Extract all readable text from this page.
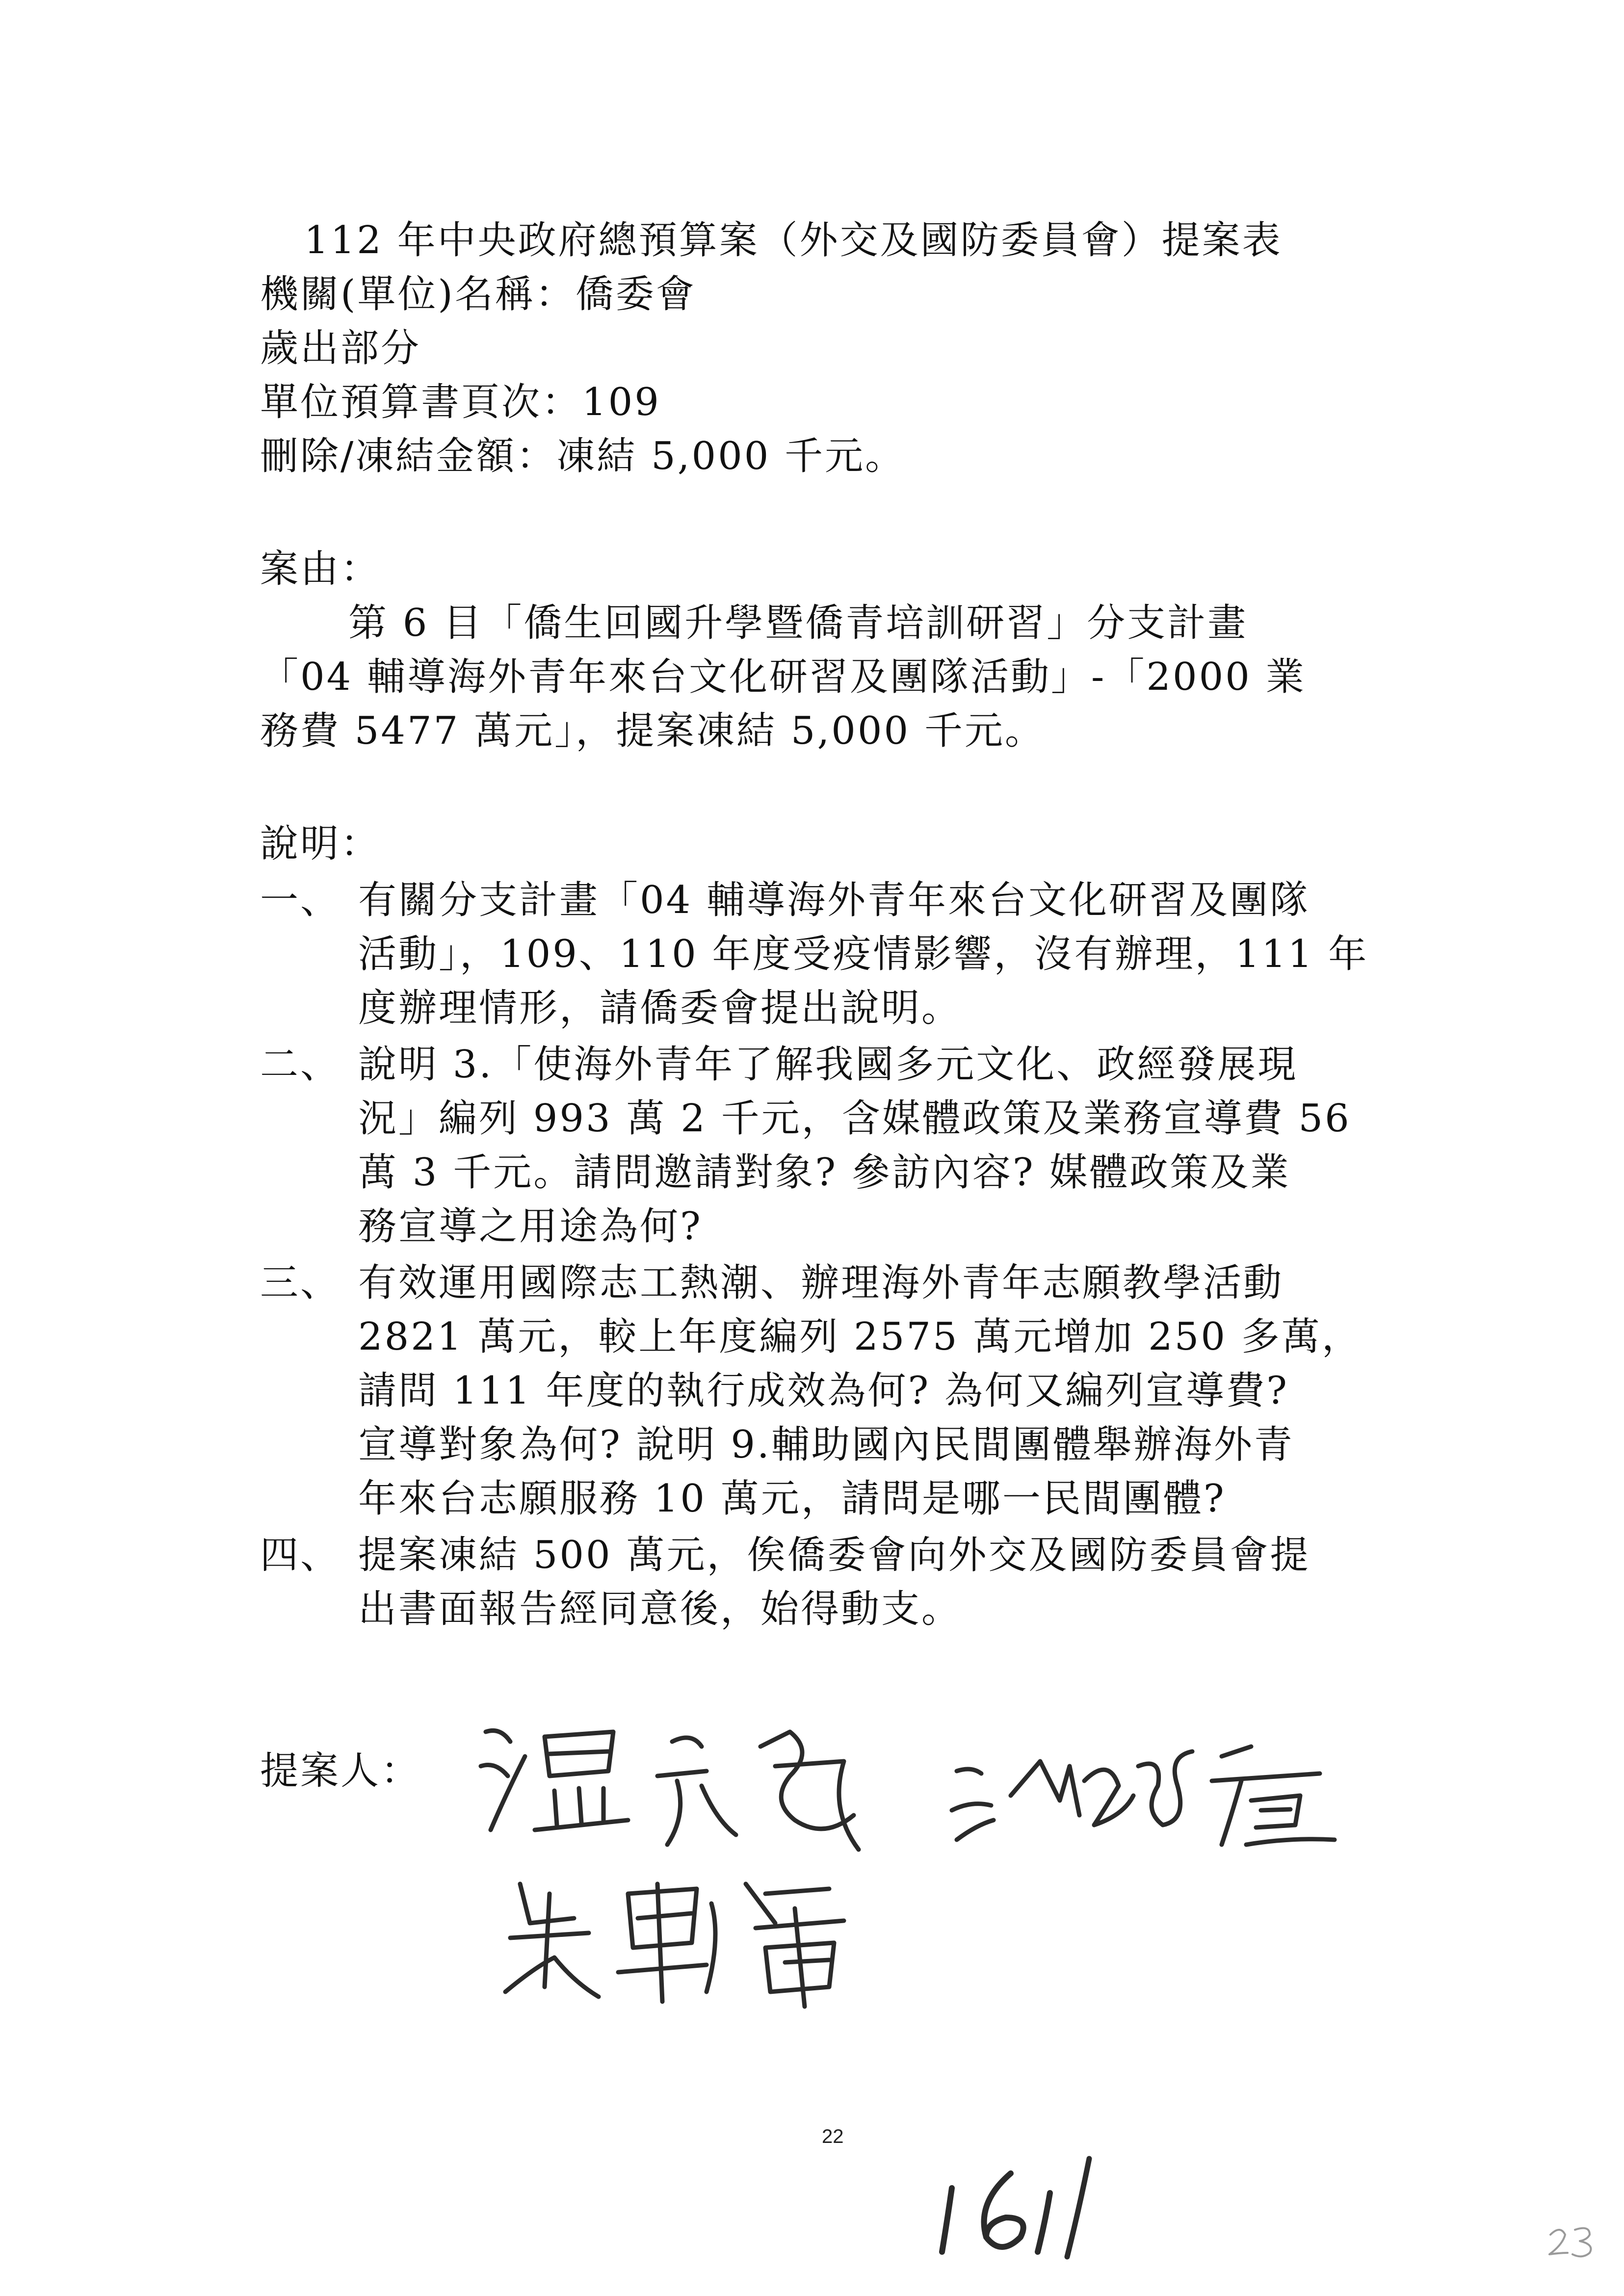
112 年中央政府總預算案（外交及國防委員會）提案表
機關(單位)名稱：僑委會
歲出部分
單位預算書頁次：109
刪除/凍結金額：凍結 5,000 千元。
案由：
第 6 目「僑生回國升學暨僑青培訓研習」分支計畫
「04 輔導海外青年來台文化研習及團隊活動」-「2000 業
務費 5477 萬元」，提案凍結 5,000 千元。
說明：
一、 有關分支計畫「04 輔導海外青年來台文化研習及團隊
活動」，109、110 年度受疫情影響，沒有辦理，111 年
度辦理情形，請僑委會提出說明。
二、 說明 3.「使海外青年了解我國多元文化、政經發展現
況」編列 993 萬 2 千元，含媒體政策及業務宣導費 56
萬 3 千元。請問邀請對象? 參訪內容? 媒體政策及業
務宣導之用途為何?
三、 有效運用國際志工熱潮、辦理海外青年志願教學活動
2821 萬元，較上年度編列 2575 萬元增加 250 多萬，
請問 111 年度的執行成效為何? 為何又編列宣導費?
宣導對象為何? 說明 9.輔助國內民間團體舉辦海外青
年來台志願服務 10 萬元，請問是哪一民間團體?
四、 提案凍結 500 萬元，俟僑委會向外交及國防委員會提
出書面報告經同意後，始得動支。
提案人：
22
